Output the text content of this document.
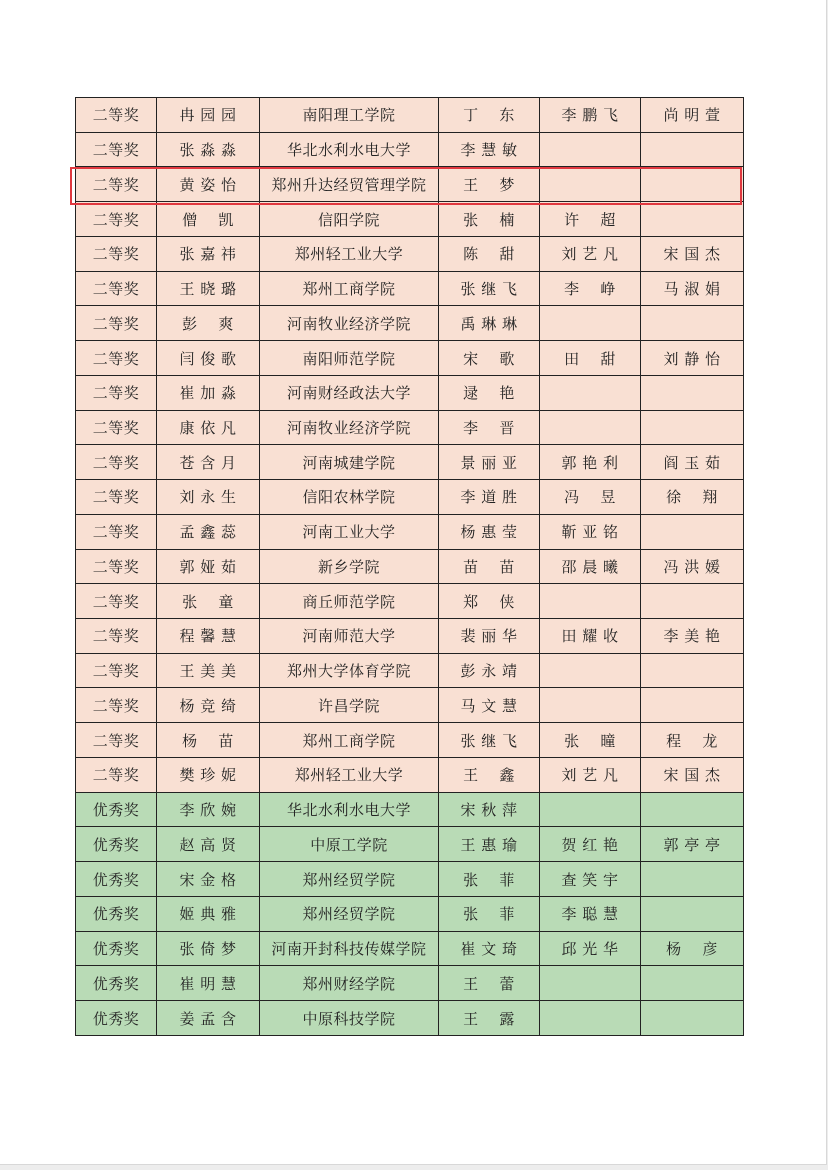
二等奖	冉 园 园	南阳理工学院	丁　 东	李 鹏 飞	尚 明 萱
二等奖	张 淼 淼	华北水利水电大学	李 慧 敏		
二等奖	黄 姿 怡	郑州升达经贸管理学院	王　 梦		
二等奖	僧　 凯	信阳学院	张　 楠	许　 超	
二等奖	张 嘉 祎	郑州轻工业大学	陈　 甜	刘 艺 凡	宋 国 杰
二等奖	王 晓 璐	郑州工商学院	张 继 飞	李　 峥	马 淑 娟
二等奖	彭　 爽	河南牧业经济学院	禹 琳 琳		
二等奖	闫 俊 歌	南阳师范学院	宋　 歌	田　 甜	刘 静 怡
二等奖	崔 加 淼	河南财经政法大学	逯　 艳		
二等奖	康 依 凡	河南牧业经济学院	李　 晋		
二等奖	苍 含 月	河南城建学院	景 丽 亚	郭 艳 利	阎 玉 茹
二等奖	刘 永 生	信阳农林学院	李 道 胜	冯　 昱	徐　 翔
二等奖	孟 鑫 蕊	河南工业大学	杨 惠 莹	靳 亚 铭	
二等奖	郭 娅 茹	新乡学院	苗　 苗	邵 晨 曦	冯 洪 媛
二等奖	张　 童	商丘师范学院	郑　 侠		
二等奖	程 馨 慧	河南师范大学	裴 丽 华	田 耀 收	李 美 艳
二等奖	王 美 美	郑州大学体育学院	彭 永 靖		
二等奖	杨 竞 绮	许昌学院	马 文 慧		
二等奖	杨　 苗	郑州工商学院	张 继 飞	张　 曈	程　 龙
二等奖	樊 珍 妮	郑州轻工业大学	王　 鑫	刘 艺 凡	宋 国 杰
优秀奖	李 欣 婉	华北水利水电大学	宋 秋 萍		
优秀奖	赵 高 贤	中原工学院	王 惠 瑜	贺 红 艳	郭 亭 亭
优秀奖	宋 金 格	郑州经贸学院	张　 菲	查 笑 宇	
优秀奖	姬 典 雅	郑州经贸学院	张　 菲	李 聪 慧	
优秀奖	张 倚 梦	河南开封科技传媒学院	崔 文 琦	邱 光 华	杨　 彦
优秀奖	崔 明 慧	郑州财经学院	王　 蕾		
优秀奖	姜 孟 含	中原科技学院	王　 露		
